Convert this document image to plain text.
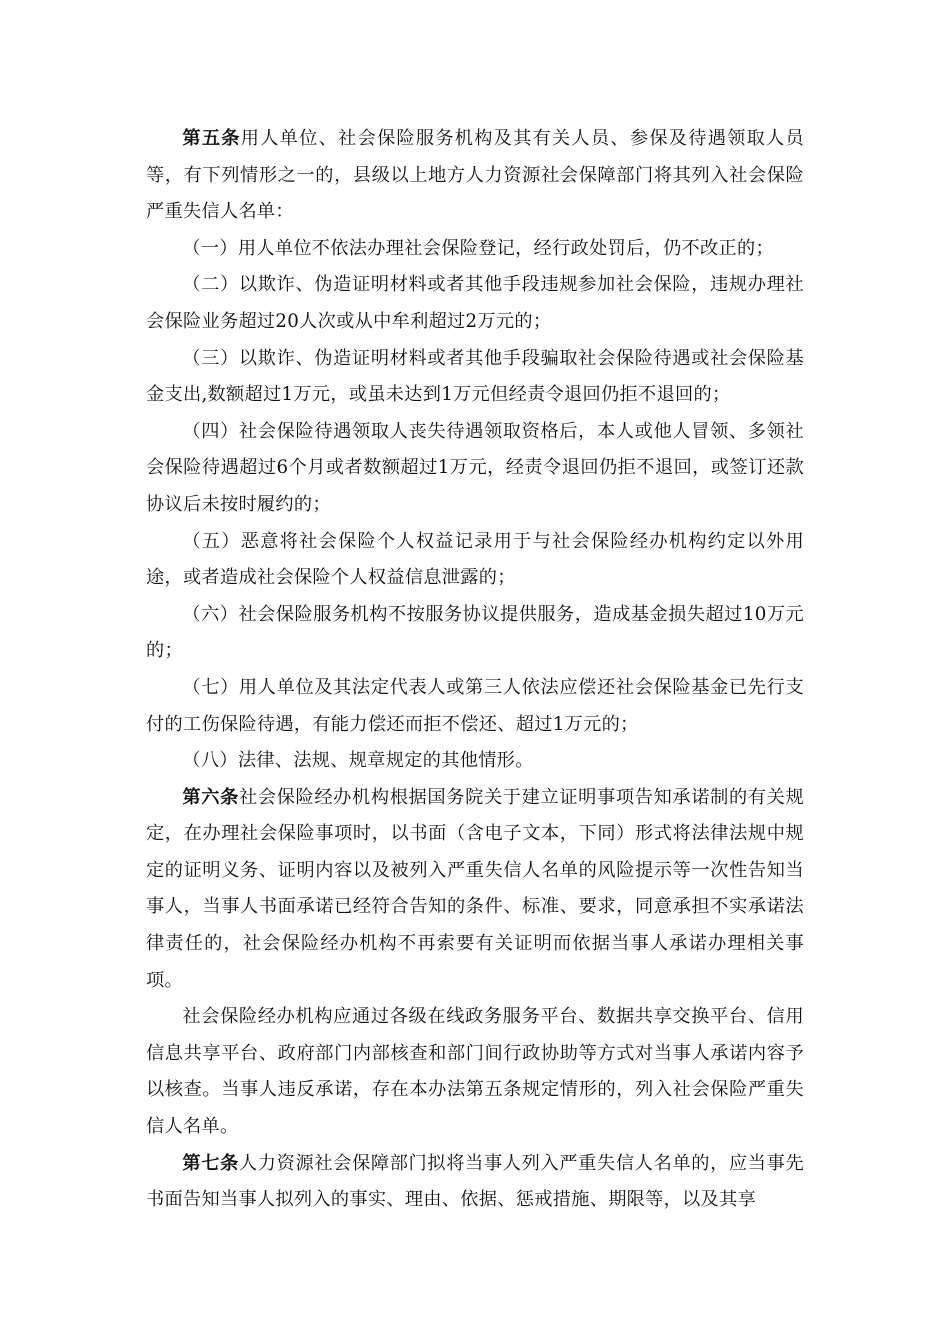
第五条用人单位、社会保险服务机构及其有关人员、参保及待遇领取人员等，有下列情形之一的，县级以上地方人力资源社会保障部门将其列入社会保险严重失信人名单：

（一）用人单位不依法办理社会保险登记，经行政处罚后，仍不改正的；

（二）以欺诈、伪造证明材料或者其他手段违规参加社会保险，违规办理社会保险业务超过20人次或从中牟利超过2万元的；

（三）以欺诈、伪造证明材料或者其他手段骗取社会保险待遇或社会保险基金支出,数额超过1万元，或虽未达到1万元但经责令退回仍拒不退回的；

（四）社会保险待遇领取人丧失待遇领取资格后，本人或他人冒领、多领社会保险待遇超过6个月或者数额超过1万元，经责令退回仍拒不退回，或签订还款协议后未按时履约的；

（五）恶意将社会保险个人权益记录用于与社会保险经办机构约定以外用途，或者造成社会保险个人权益信息泄露的；

（六）社会保险服务机构不按服务协议提供服务，造成基金损失超过10万元的；

（七）用人单位及其法定代表人或第三人依法应偿还社会保险基金已先行支付的工伤保险待遇，有能力偿还而拒不偿还、超过1万元的；

（八）法律、法规、规章规定的其他情形。

第六条社会保险经办机构根据国务院关于建立证明事项告知承诺制的有关规定，在办理社会保险事项时，以书面（含电子文本，下同）形式将法律法规中规定的证明义务、证明内容以及被列入严重失信人名单的风险提示等一次性告知当事人，当事人书面承诺已经符合告知的条件、标准、要求，同意承担不实承诺法律责任的，社会保险经办机构不再索要有关证明而依据当事人承诺办理相关事项。

社会保险经办机构应通过各级在线政务服务平台、数据共享交换平台、信用信息共享平台、政府部门内部核查和部门间行政协助等方式对当事人承诺内容予以核查。当事人违反承诺，存在本办法第五条规定情形的，列入社会保险严重失信人名单。

第七条人力资源社会保障部门拟将当事人列入严重失信人名单的，应当事先书面告知当事人拟列入的事实、理由、依据、惩戒措施、期限等，以及其享
